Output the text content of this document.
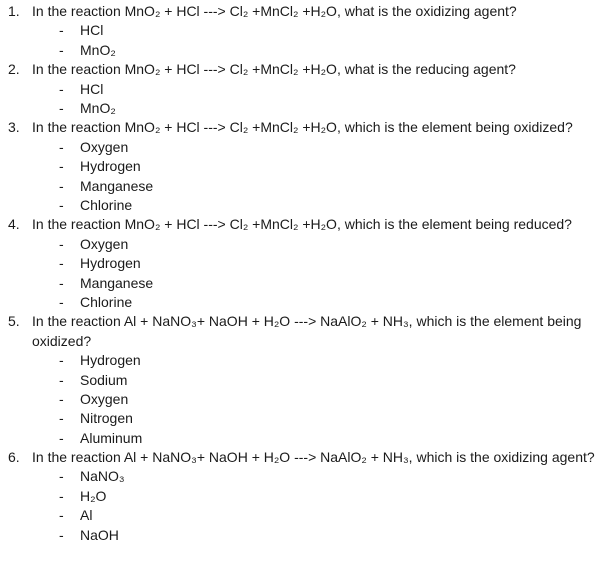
1. In the reaction MnO₂ + HCl ---> Cl₂ +MnCl₂ +H₂O, what is the oxidizing agent?
- HCl
- MnO₂
2. In the reaction MnO₂ + HCl ---> Cl₂ +MnCl₂ +H₂O, what is the reducing agent?
- HCl
- MnO₂
3. In the reaction MnO₂ + HCl ---> Cl₂ +MnCl₂ +H₂O, which is the element being oxidized?
- Oxygen
- Hydrogen
- Manganese
- Chlorine
4. In the reaction MnO₂ + HCl ---> Cl₂ +MnCl₂ +H₂O, which is the element being reduced?
- Oxygen
- Hydrogen
- Manganese
- Chlorine
5. In the reaction Al + NaNO₃+ NaOH + H₂O ---> NaAlO₂ + NH₃, which is the element being oxidized?
- Hydrogen
- Sodium
- Oxygen
- Nitrogen
- Aluminum
6. In the reaction Al + NaNO₃+ NaOH + H₂O ---> NaAlO₂ + NH₃, which is the oxidizing agent?
- NaNO₃
- H₂O
- Al
- NaOH
